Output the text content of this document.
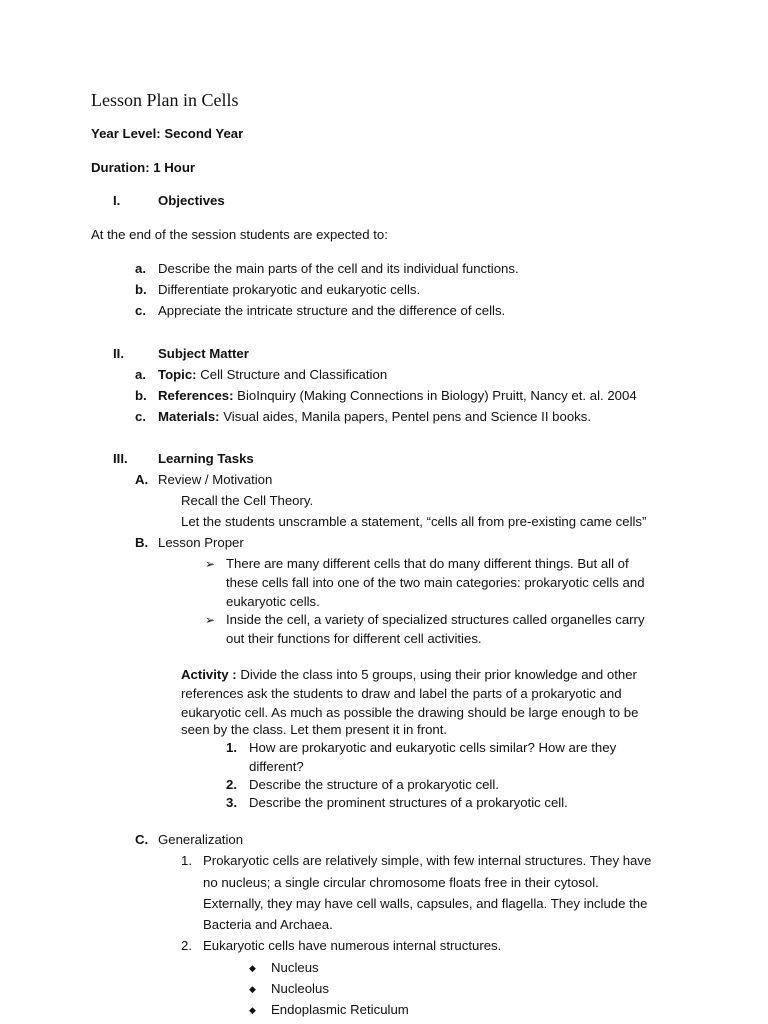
Lesson Plan in Cells
Year Level: Second Year
Duration: 1 Hour
I.	Objectives
At the end of the session students are expected to:
a. Describe the main parts of the cell and its individual functions.
b. Differentiate prokaryotic and eukaryotic cells.
c. Appreciate the intricate structure and the difference of cells.
II.	Subject Matter
a. Topic: Cell Structure and Classification
b. References: BioInquiry (Making Connections in Biology) Pruitt, Nancy et. al. 2004
c. Materials: Visual aides, Manila papers, Pentel pens and Science II books.
III. Learning Tasks
A. Review / Motivation
Recall the Cell Theory.
Let the students unscramble a statement, “cells all from pre-existing came cells”
B. Lesson Proper
➢ There are many different cells that do many different things. But all of
these cells fall into one of the two main categories: prokaryotic cells and
eukaryotic cells.
➢ Inside the cell, a variety of specialized structures called organelles carry
out their functions for different cell activities.
Activity : Divide the class into 5 groups, using their prior knowledge and other
references ask the students to draw and label the parts of a prokaryotic and
eukaryotic cell. As much as possible the drawing should be large enough to be
seen by the class. Let them present it in front.
1. How are prokaryotic and eukaryotic cells similar? How are they
different?
2. Describe the structure of a prokaryotic cell.
3. Describe the prominent structures of a prokaryotic cell.
C. Generalization
1. Prokaryotic cells are relatively simple, with few internal structures. They have
no nucleus; a single circular chromosome floats free in their cytosol.
Externally, they may have cell walls, capsules, and flagella. They include the
Bacteria and Archaea.
2. Eukaryotic cells have numerous internal structures.
◆ Nucleus
◆ Nucleolus
◆ Endoplasmic Reticulum
